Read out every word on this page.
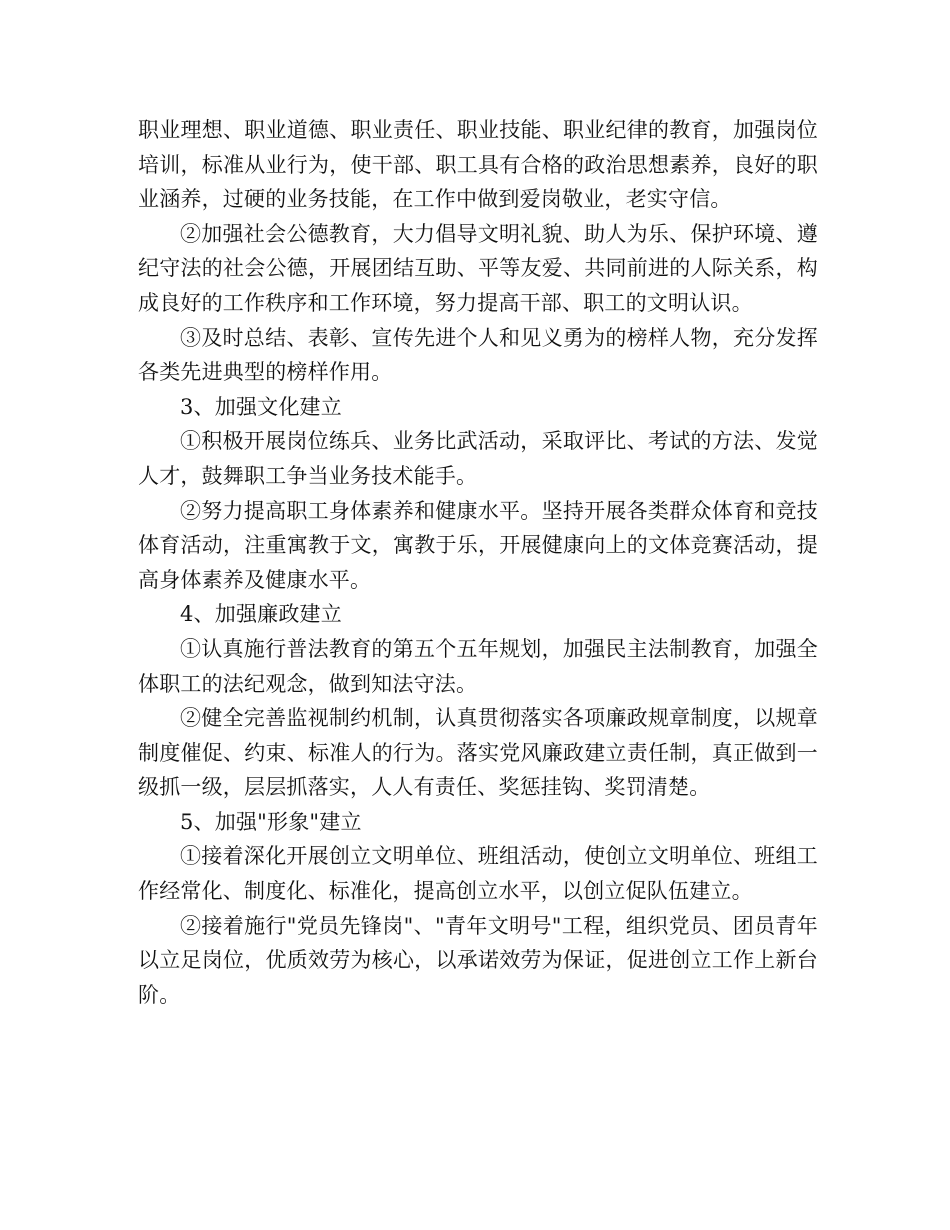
职业理想、职业道德、职业责任、职业技能、职业纪律的教育，加强岗位培训，标准从业行为，使干部、职工具有合格的政治思想素养，良好的职业涵养，过硬的业务技能，在工作中做到爱岗敬业，老实守信。

②加强社会公德教育，大力倡导文明礼貌、助人为乐、保护环境、遵纪守法的社会公德，开展团结互助、平等友爱、共同前进的人际关系，构成良好的工作秩序和工作环境，努力提高干部、职工的文明认识。

③及时总结、表彰、宣传先进个人和见义勇为的榜样人物，充分发挥各类先进典型的榜样作用。

3、加强文化建立

①积极开展岗位练兵、业务比武活动，采取评比、考试的方法、发觉人才，鼓舞职工争当业务技术能手。

②努力提高职工身体素养和健康水平。坚持开展各类群众体育和竞技体育活动，注重寓教于文，寓教于乐，开展健康向上的文体竞赛活动，提高身体素养及健康水平。

4、加强廉政建立

①认真施行普法教育的第五个五年规划，加强民主法制教育，加强全体职工的法纪观念，做到知法守法。

②健全完善监视制约机制，认真贯彻落实各项廉政规章制度，以规章制度催促、约束、标准人的行为。落实党风廉政建立责任制，真正做到一级抓一级，层层抓落实，人人有责任、奖惩挂钩、奖罚清楚。

5、加强"形象"建立

①接着深化开展创立文明单位、班组活动，使创立文明单位、班组工作经常化、制度化、标准化，提高创立水平，以创立促队伍建立。

②接着施行"党员先锋岗"、"青年文明号"工程，组织党员、团员青年以立足岗位，优质效劳为核心，以承诺效劳为保证，促进创立工作上新台阶。
